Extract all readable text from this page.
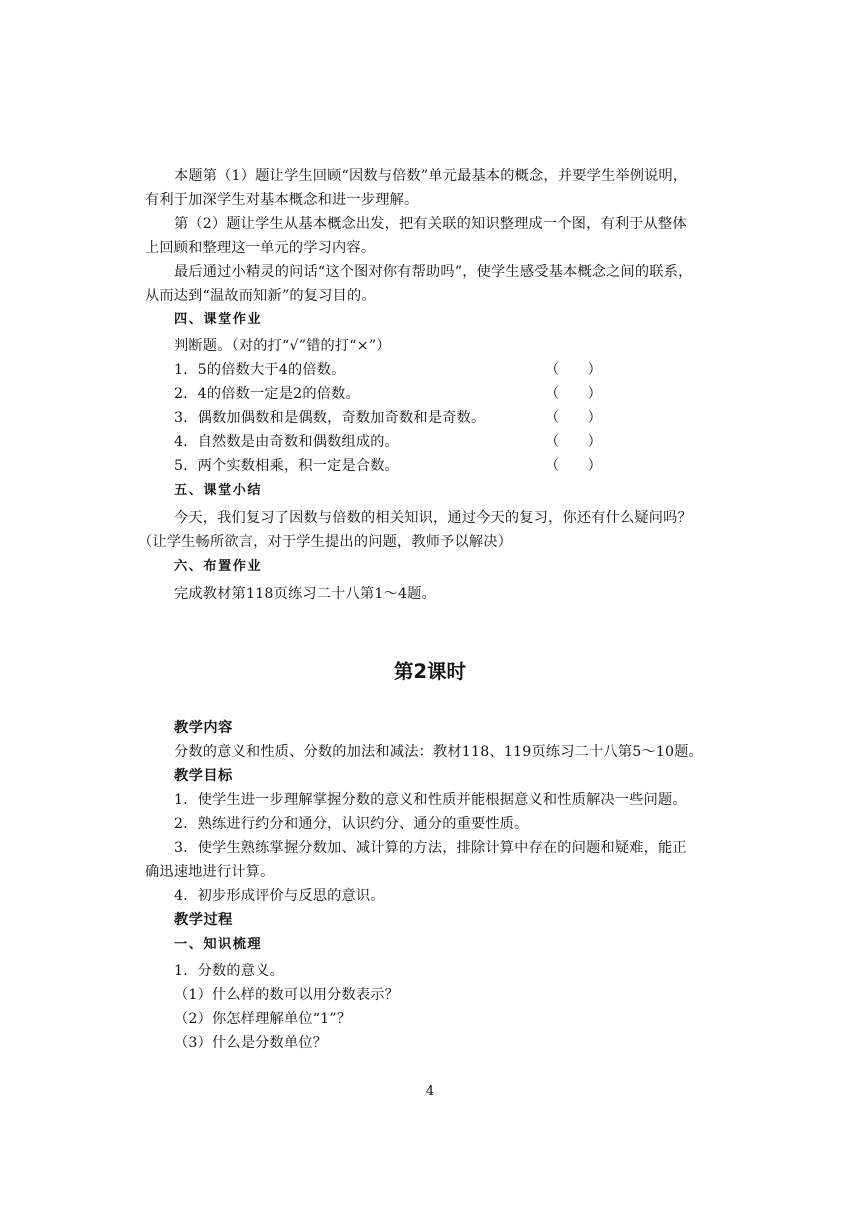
本题第（1）题让学生回顾“因数与倍数”单元最基本的概念，并要学生举例说明，
有利于加深学生对基本概念和进一步理解。
第（2）题让学生从基本概念出发，把有关联的知识整理成一个图，有利于从整体
上回顾和整理这一单元的学习内容。
最后通过小精灵的问话“这个图对你有帮助吗”，使学生感受基本概念之间的联系，
从而达到“温故而知新”的复习目的。
四、课堂作业
判断题。（对的打“√”错的打“×”）
1．5的倍数大于4的倍数。	（　　）
2．4的倍数一定是2的倍数。	（　　）
3．偶数加偶数和是偶数，奇数加奇数和是奇数。	（　　）
4．自然数是由奇数和偶数组成的。	（　　）
5．两个实数相乘，积一定是合数。	（　　）
五、课堂小结
今天，我们复习了因数与倍数的相关知识，通过今天的复习，你还有什么疑问吗？
（让学生畅所欲言，对于学生提出的问题，教师予以解决）
六、布置作业
完成教材第118页练习二十八第1～4题。
第2课时
教学内容
分数的意义和性质、分数的加法和减法：教材118、119页练习二十八第5～10题。
教学目标
1．使学生进一步理解掌握分数的意义和性质并能根据意义和性质解决一些问题。
2．熟练进行约分和通分，认识约分、通分的重要性质。
3．使学生熟练掌握分数加、减计算的方法，排除计算中存在的问题和疑难，能正
确迅速地进行计算。
4．初步形成评价与反思的意识。
教学过程
一、知识梳理
1．分数的意义。
（1）什么样的数可以用分数表示？
（2）你怎样理解单位“1”？
（3）什么是分数单位？
4
